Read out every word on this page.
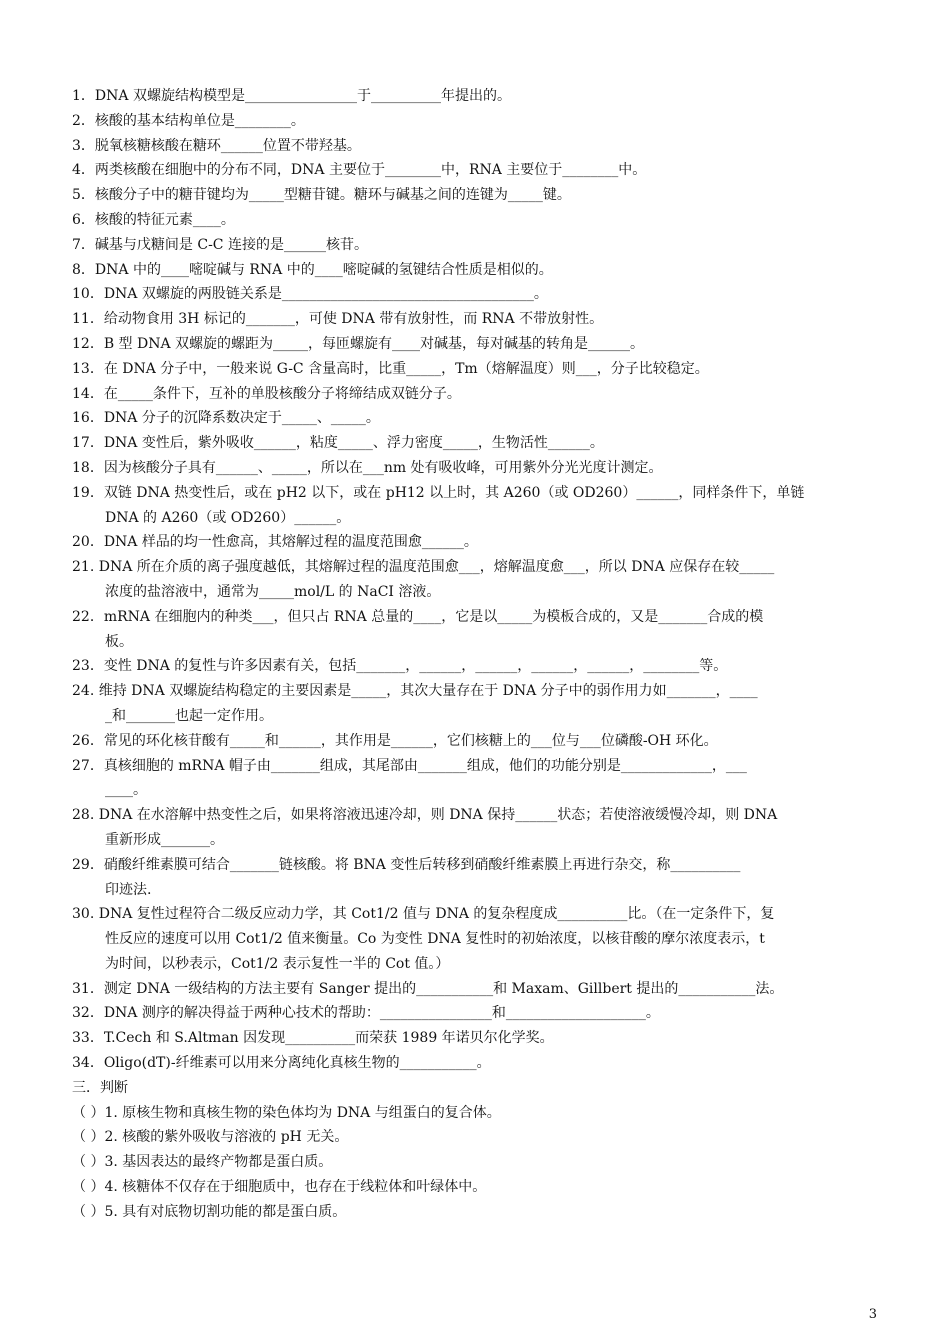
1．DNA 双螺旋结构模型是________________于__________年提出的。
2．核酸的基本结构单位是________。
3．脱氧核糖核酸在糖环______位置不带羟基。
4．两类核酸在细胞中的分布不同，DNA 主要位于________中，RNA 主要位于________中。
5．核酸分子中的糖苷键均为_____型糖苷键。糖环与碱基之间的连键为_____键。
6．核酸的特征元素____。
7．碱基与戊糖间是 C-C 连接的是______核苷。
8．DNA 中的____嘧啶碱与 RNA 中的____嘧啶碱的氢键结合性质是相似的。
10．DNA 双螺旋的两股链关系是____________________________________。
11．给动物食用 3H 标记的_______，可使 DNA 带有放射性，而 RNA 不带放射性。
12．B 型 DNA 双螺旋的螺距为_____，每匝螺旋有____对碱基，每对碱基的转角是______。
13．在 DNA 分子中，一般来说 G-C 含量高时，比重_____，Tm（熔解温度）则___，分子比较稳定。
14．在_____条件下，互补的单股核酸分子将缔结成双链分子。
16．DNA 分子的沉降系数决定于_____、_____。
17．DNA 变性后，紫外吸收______，粘度_____、浮力密度_____，生物活性______。
18．因为核酸分子具有______、_____，所以在___nm 处有吸收峰，可用紫外分光光度计测定。
19．双链 DNA 热变性后，或在 pH2 以下，或在 pH12 以上时，其 A260（或 OD260）______，同样条件下，单链
DNA 的 A260（或 OD260）______。
20．DNA 样品的均一性愈高，其熔解过程的温度范围愈______。
21. DNA 所在介质的离子强度越低，其熔解过程的温度范围愈___，熔解温度愈___，所以 DNA 应保存在较_____
浓度的盐溶液中，通常为_____mol/L 的 NaCI 溶液。
22．mRNA 在细胞内的种类___，但只占 RNA 总量的____，它是以_____为模板合成的，又是_______合成的模
板。
23．变性 DNA 的复性与许多因素有关，包括_______，______，______，______，______，________等。
24. 维持 DNA 双螺旋结构稳定的主要因素是_____，其次大量存在于 DNA 分子中的弱作用力如_______，____
_和_______也起一定作用。
26．常见的环化核苷酸有_____和______，其作用是______，它们核糖上的___位与___位磷酸-OH 环化。
27．真核细胞的 mRNA 帽子由_______组成，其尾部由_______组成，他们的功能分别是_____________，___
____。
28. DNA 在水溶解中热变性之后，如果将溶液迅速冷却，则 DNA 保持______状态；若使溶液缓慢冷却，则 DNA
重新形成_______。
29．硝酸纤维素膜可结合_______链核酸。将 BNA 变性后转移到硝酸纤维素膜上再进行杂交，称__________
印迹法.
30. DNA 复性过程符合二级反应动力学，其 Cot1/2 值与 DNA 的复杂程度成__________比。（在一定条件下，复
性反应的速度可以用 Cot1/2 值来衡量。Co 为变性 DNA 复性时的初始浓度，以核苷酸的摩尔浓度表示，t
为时间，以秒表示，Cot1/2 表示复性一半的 Cot 值。）
31．测定 DNA 一级结构的方法主要有 Sanger 提出的___________和 Maxam、Gillbert 提出的___________法。
32．DNA 测序的解决得益于两种心技术的帮助：________________和____________________。
33．T.Cech 和 S.Altman 因发现__________而荣获 1989 年诺贝尔化学奖。
34．Oligo(dT)-纤维素可以用来分离纯化真核生物的___________。
三．判断
（ ）1. 原核生物和真核生物的染色体均为 DNA 与组蛋白的复合体。
（ ）2. 核酸的紫外吸收与溶液的 pH 无关。
（ ）3. 基因表达的最终产物都是蛋白质。
（ ）4. 核糖体不仅存在于细胞质中，也存在于线粒体和叶绿体中。
（ ）5. 具有对底物切割功能的都是蛋白质。
3
